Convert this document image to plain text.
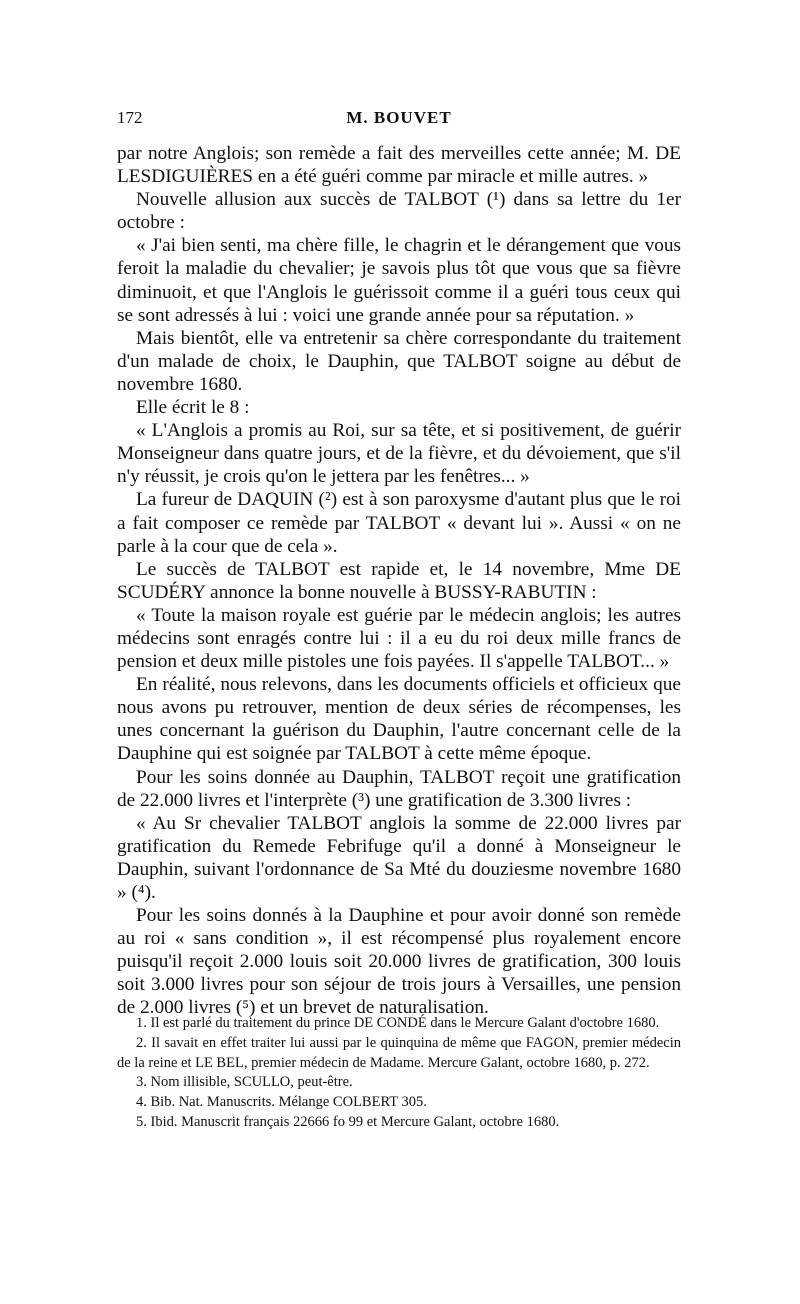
172	M. BOUVET

par notre Anglois; son remède a fait des merveilles cette année; M. DE LESDIGUIÈRES en a été guéri comme par miracle et mille autres. »

Nouvelle allusion aux succès de TALBOT (¹) dans sa lettre du 1er octobre :

« J'ai bien senti, ma chère fille, le chagrin et le dérangement que vous feroit la maladie du chevalier; je savois plus tôt que vous que sa fièvre diminuoit, et que l'Anglois le guérissoit comme il a guéri tous ceux qui se sont adressés à lui : voici une grande année pour sa réputation. »

Mais bientôt, elle va entretenir sa chère correspondante du traitement d'un malade de choix, le Dauphin, que TALBOT soigne au début de novembre 1680.

Elle écrit le 8 :

« L'Anglois a promis au Roi, sur sa tête, et si positivement, de guérir Monseigneur dans quatre jours, et de la fièvre, et du dévoiement, que s'il n'y réussit, je crois qu'on le jettera par les fenêtres... »

La fureur de DAQUIN (²) est à son paroxysme d'autant plus que le roi a fait composer ce remède par TALBOT « devant lui ». Aussi « on ne parle à la cour que de cela ».

Le succès de TALBOT est rapide et, le 14 novembre, Mme DE SCUDÉRY annonce la bonne nouvelle à BUSSY-RABUTIN :

« Toute la maison royale est guérie par le médecin anglois; les autres médecins sont enragés contre lui : il a eu du roi deux mille francs de pension et deux mille pistoles une fois payées. Il s'appelle TALBOT... »

En réalité, nous relevons, dans les documents officiels et officieux que nous avons pu retrouver, mention de deux séries de récompenses, les unes concernant la guérison du Dauphin, l'autre concernant celle de la Dauphine qui est soignée par TALBOT à cette même époque.

Pour les soins donnée au Dauphin, TALBOT reçoit une gratification de 22.000 livres et l'interprète (³) une gratification de 3.300 livres :

« Au Sr chevalier TALBOT anglois la somme de 22.000 livres par gratification du Remede Febrifuge qu'il a donné à Monseigneur le Dauphin, suivant l'ordonnance de Sa Mté du douziesme novembre 1680 » (⁴).

Pour les soins donnés à la Dauphine et pour avoir donné son remède au roi « sans condition », il est récompensé plus royalement encore puisqu'il reçoit 2.000 louis soit 20.000 livres de gratification, 300 louis soit 3.000 livres pour son séjour de trois jours à Versailles, une pension de 2.000 livres (⁵) et un brevet de naturalisation.

1. Il est parlé du traitement du prince DE CONDÉ dans le Mercure Galant d'octobre 1680.

2. Il savait en effet traiter lui aussi par le quinquina de même que FAGON, premier médecin de la reine et LE BEL, premier médecin de Madame. Mercure Galant, octobre 1680, p. 272.

3. Nom illisible, SCULLO, peut-être.

4. Bib. Nat. Manuscrits. Mélange COLBERT 305.

5. Ibid. Manuscrit français 22666 fo 99 et Mercure Galant, octobre 1680.
